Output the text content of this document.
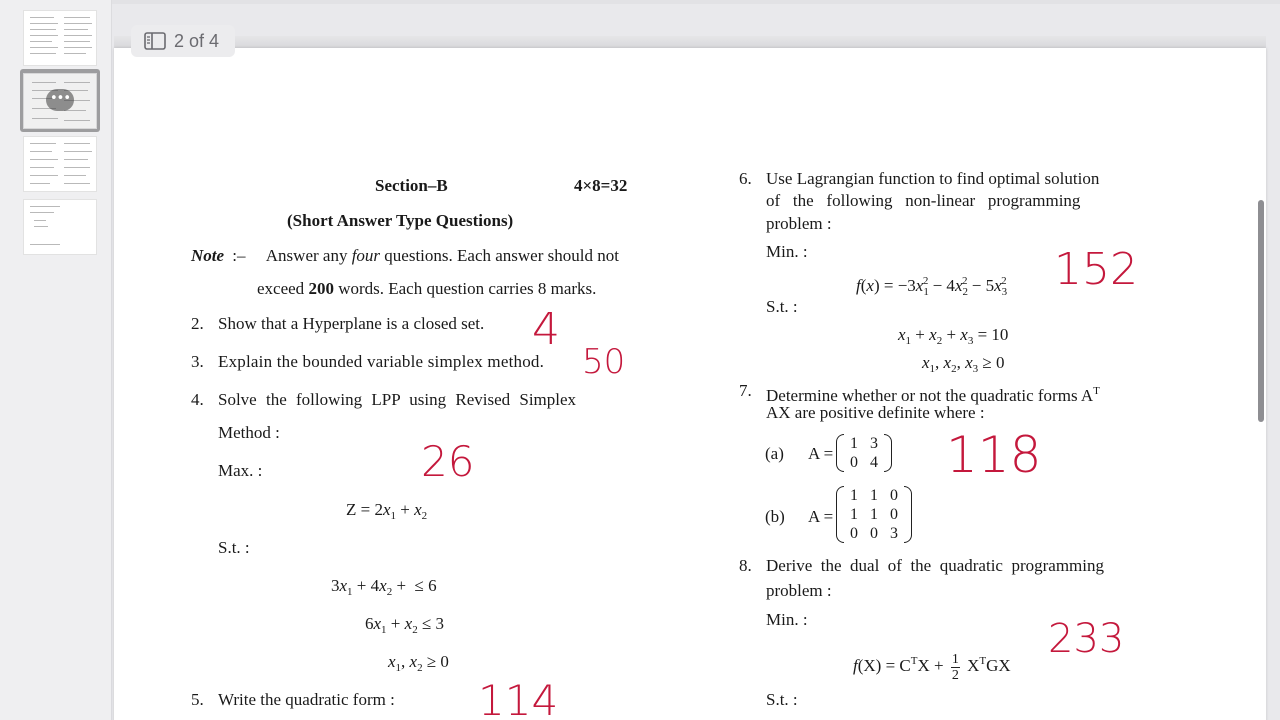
•••
2 of 4
Section–B	4×8=32
(Short Answer Type Questions)
Note :– Answer any four questions. Each answer should not
exceed 200 words. Each question carries 8 marks.
2. Show that a Hyperplane is a closed set.
3. Explain the bounded variable simplex method.
4. Solve the following LPP using Revised Simplex
Method :
Max. :
$Z = 2x_1 + x_2$
S.t. :
$3x_1 + 4x_2$ +  ≤ 6
$6x_1 + x_2 \le 3$
$x_1$, $x_2 \ge 0$
5. Write the quadratic form :
6. Use Lagrangian function to find optimal solution
of   the   following   non-linear   programming
problem :
Min. :
$f(x) = -3x_1^2 - 4x_2^2 - 5x_3^2$
S.t. :
$x_1 + x_2 + x_3 = 10$
$x_1$, $x_2$, $x_3 \ge 0$
7. Determine whether or not the quadratic forms $A^T$
AX are positive definite where :
(a) A =
1	3
0	4
(b) A =
1	1	0
1	1	0
0	0	3
8. Derive  the  dual  of  the  quadratic  programming
problem :
Min. :
$f(X) = C^TX + \frac{1}{2} X^TGX$
S.t. :
4
50
26
114
152
118
233
